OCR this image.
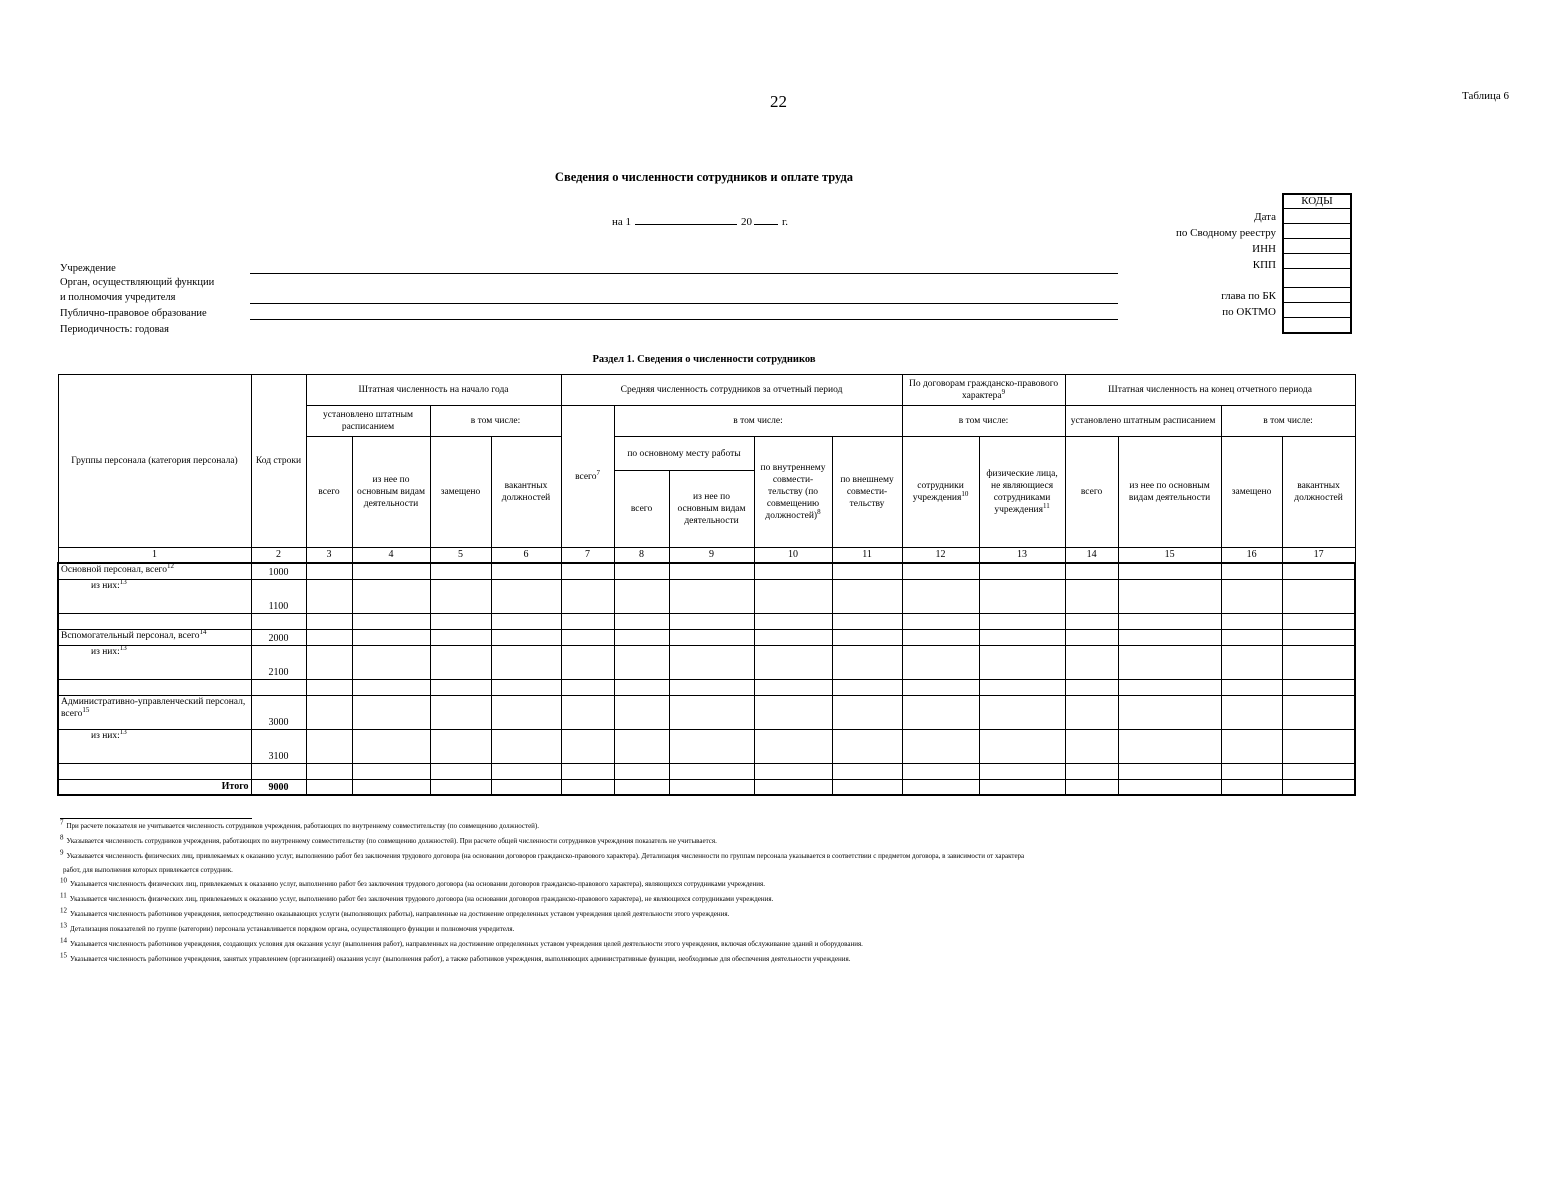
22	Таблица 6
Сведения о численности сотрудников и оплате труда
на 1	20	г.
КОДЫ

Дата
по Сводному реестру
ИНН
КПП
глава по БК
по ОКТМО
Учреждение
Орган, осуществляющий функции
и полномочия учредителя
Публично-правовое образование
Периодичность: годовая
Раздел 1. Сведения о численности сотрудников
Группы персонала (категория персонала)	Код строки	Штатная численность на начало года				Средняя численность сотрудников за отчетный период					По договорам гражданско-правового характера$^9$		Штатная численность на конец отчетного периода			
		установлено штатным расписанием		в том числе:		всего$^7$	в том числе:				в том числе:		установлено штатным расписанием		в том числе:	
		всего	из нее по основным видам деятельности	замещено	вакантных должностей		по основному месту работы		по внутреннему совмести- тельству (по совмещению должностей)$^8$	по внешнему совмести- тельству	сотрудники учреждения$^{10}$	физические лица, не являющиеся сотрудниками учреждения$^{11}$	всего	из нее по основным видам деятельности	замещено	вакантных должностей
							всего	из нее по основным видам деятельности								
1	2	3	4	5	6	7	8	9	10	11	12	13	14	15	16	17
Основной персонал, всего$^{12}$	1000															
из них:$^{13}$	1100															

Вспомогательный персонал, всего$^{14}$	2000															
из них:$^{13}$	2100															

Административно-управленческий персонал, всего$^{15}$	3000															
из них:$^{13}$	3100															

Итого	9000															
$^7$ При расчете показателя не учитывается численность сотрудников учреждения, работающих по внутреннему совместительству (по совмещению должностей).
$^8$ Указывается численность сотрудников учреждения, работающих по внутреннему совместительству (по совмещению должностей). При расчете общей численности сотрудников учреждения показатель не учитывается.
$^9$ Указывается численность физических лиц, привлекаемых к оказанию услуг, выполнению работ без заключения трудового договора (на основании договоров гражданско-правового характера). Детализация численности по группам персонала указывается в соответствии с предметом договора, в зависимости от характера
работ, для выполнения которых привлекается сотрудник.
$^{10}$ Указывается численность физических лиц, привлекаемых к оказанию услуг, выполнению работ без заключения трудового договора (на основании договоров гражданско-правового характера), являющихся сотрудниками учреждения.
$^{11}$ Указывается численность физических лиц, привлекаемых к оказанию услуг, выполнению работ без заключения трудового договора (на основании договоров гражданско-правового характера), не являющихся сотрудниками учреждения.
$^{12}$ Указывается численность работников учреждения, непосредственно оказывающих услуги (выполняющих работы), направленные на достижение определенных уставом учреждения целей деятельности этого учреждения.
$^{13}$ Детализация показателей по группе (категории) персонала устанавливается порядком органа, осуществляющего функции и полномочия учредителя.
$^{14}$ Указывается численность работников учреждения, создающих условия для оказания услуг (выполнения работ), направленных на достижение определенных уставом учреждения целей деятельности этого учреждения, включая обслуживание зданий и оборудования.
$^{15}$ Указывается численность работников учреждения, занятых управлением (организацией) оказания услуг (выполнения работ), а также работников учреждения, выполняющих административные функции, необходимые для обеспечения деятельности учреждения.
